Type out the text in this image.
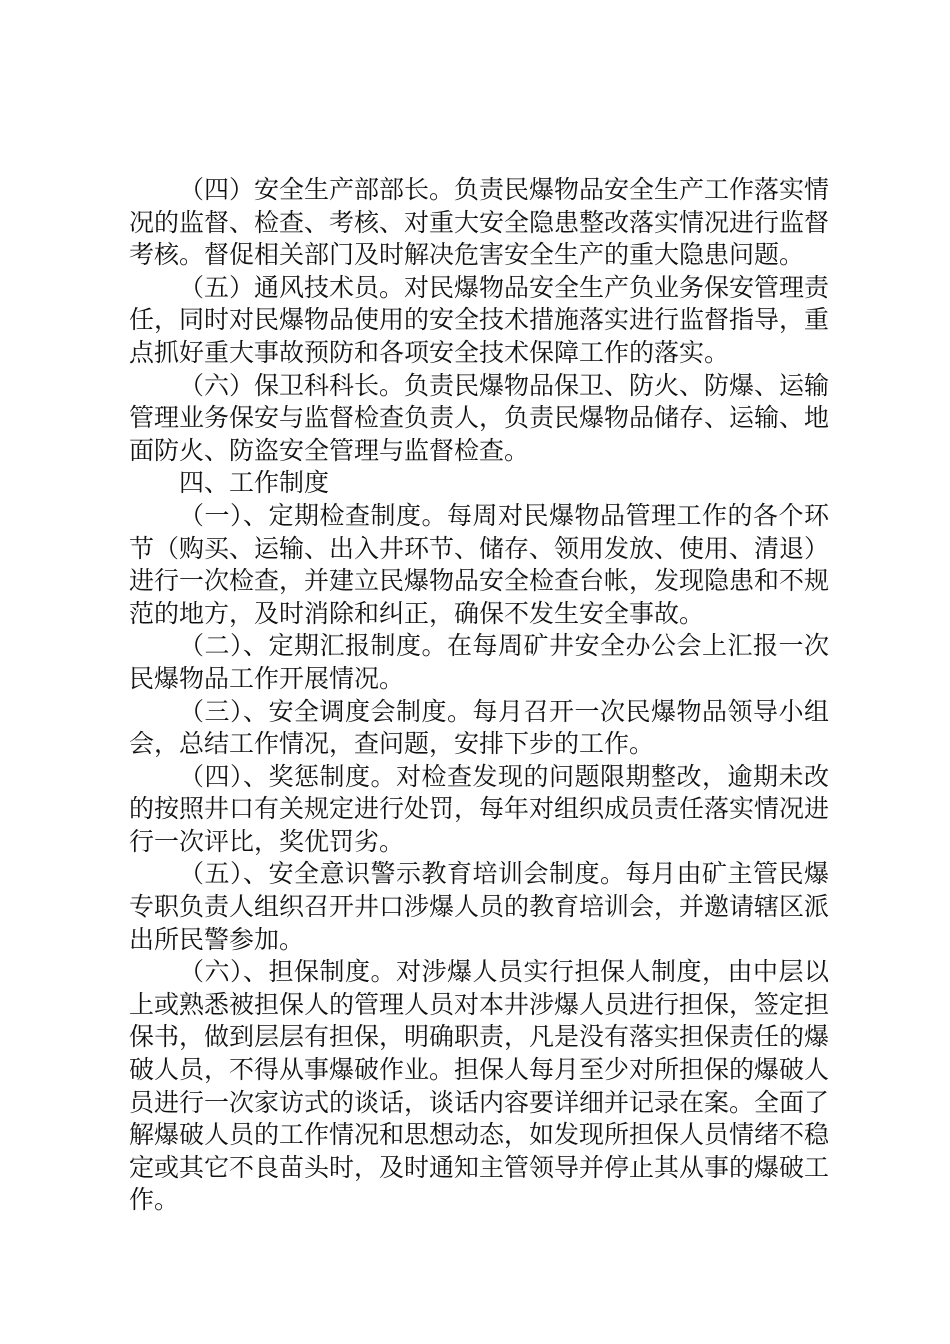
（四）安全生产部部长。负责民爆物品安全生产工作落实情况的监督、检查、考核、对重大安全隐患整改落实情况进行监督考核。督促相关部门及时解决危害安全生产的重大隐患问题。

（五）通风技术员。对民爆物品安全生产负业务保安管理责任，同时对民爆物品使用的安全技术措施落实进行监督指导，重点抓好重大事故预防和各项安全技术保障工作的落实。

（六）保卫科科长。负责民爆物品保卫、防火、防爆、运输管理业务保安与监督检查负责人，负责民爆物品储存、运输、地面防火、防盗安全管理与监督检查。

四、工作制度

（一）、定期检查制度。每周对民爆物品管理工作的各个环节（购买、运输、出入井环节、储存、领用发放、使用、清退）进行一次检查，并建立民爆物品安全检查台帐，发现隐患和不规范的地方，及时消除和纠正，确保不发生安全事故。

（二）、定期汇报制度。在每周矿井安全办公会上汇报一次民爆物品工作开展情况。

（三）、安全调度会制度。每月召开一次民爆物品领导小组会，总结工作情况，查问题，安排下步的工作。

（四）、奖惩制度。对检查发现的问题限期整改，逾期未改的按照井口有关规定进行处罚，每年对组织成员责任落实情况进行一次评比，奖优罚劣。

（五）、安全意识警示教育培训会制度。每月由矿主管民爆专职负责人组织召开井口涉爆人员的教育培训会，并邀请辖区派出所民警参加。

（六）、担保制度。对涉爆人员实行担保人制度，由中层以上或熟悉被担保人的管理人员对本井涉爆人员进行担保，签定担保书，做到层层有担保，明确职责，凡是没有落实担保责任的爆破人员，不得从事爆破作业。担保人每月至少对所担保的爆破人员进行一次家访式的谈话，谈话内容要详细并记录在案。全面了解爆破人员的工作情况和思想动态，如发现所担保人员情绪不稳定或其它不良苗头时，及时通知主管领导并停止其从事的爆破工作。
